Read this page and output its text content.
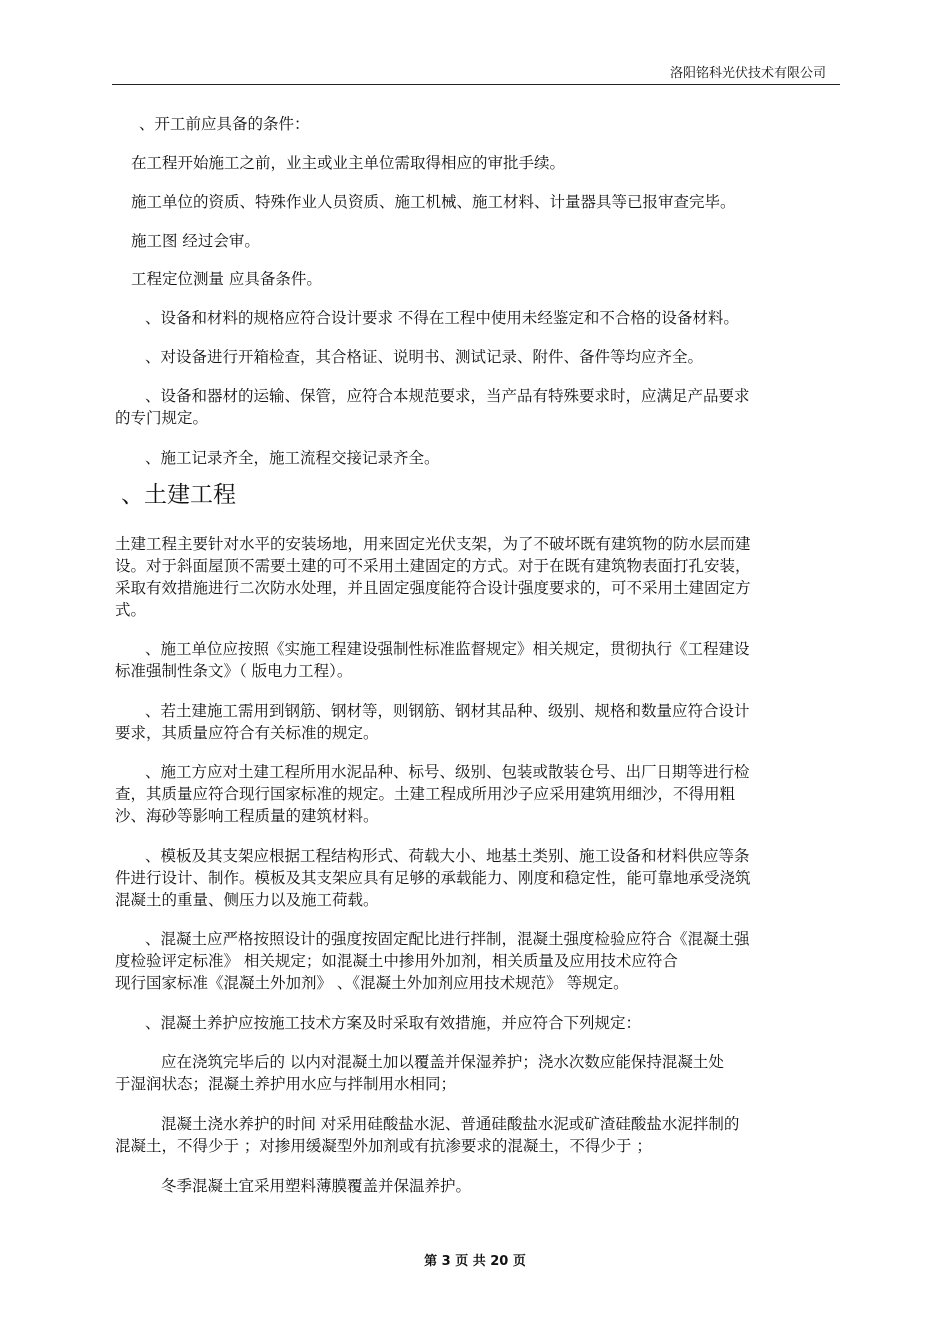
洛阳铭科光伏技术有限公司
、开工前应具备的条件：
在工程开始施工之前，业主或业主单位需取得相应的审批手续。
施工单位的资质、特殊作业人员资质、施工机械、施工材料、计量器具等已报审查完毕。
施工图 经过会审。
工程定位测量 应具备条件。
、设备和材料的规格应符合设计要求 不得在工程中使用未经鉴定和不合格的设备材料。
、对设备进行开箱检查，其合格证、说明书、测试记录、附件、备件等均应齐全。
、设备和器材的运输、保管，应符合本规范要求，当产品有特殊要求时，应满足产品要求
的专门规定。
、施工记录齐全，施工流程交接记录齐全。
、土建工程
土建工程主要针对水平的安装场地，用来固定光伏支架，为了不破坏既有建筑物的防水层而建
设。对于斜面屋顶不需要土建的可不采用土建固定的方式。对于在既有建筑物表面打孔安装，
采取有效措施进行二次防水处理，并且固定强度能符合设计强度要求的，可不采用土建固定方
式。
、施工单位应按照《实施工程建设强制性标准监督规定》相关规定，贯彻执行《工程建设
标准强制性条文》（ 版电力工程）。
、若土建施工需用到钢筋、钢材等，则钢筋、钢材其品种、级别、规格和数量应符合设计
要求，其质量应符合有关标准的规定。
、施工方应对土建工程所用水泥品种、标号、级别、包装或散装仓号、出厂日期等进行检
查，其质量应符合现行国家标准的规定。土建工程成所用沙子应采用建筑用细沙，不得用粗
沙、海砂等影响工程质量的建筑材料。
、模板及其支架应根据工程结构形式、荷载大小、地基土类别、施工设备和材料供应等条
件进行设计、制作。模板及其支架应具有足够的承载能力、刚度和稳定性，能可靠地承受浇筑
混凝土的重量、侧压力以及施工荷载。
、混凝土应严格按照设计的强度按固定配比进行拌制，混凝土强度检验应符合《混凝土强
度检验评定标准》 相关规定；如混凝土中掺用外加剂，相关质量及应用技术应符合
现行国家标准《混凝土外加剂》 、《混凝土外加剂应用技术规范》 等规定。
、混凝土养护应按施工技术方案及时采取有效措施，并应符合下列规定：
应在浇筑完毕后的 以内对混凝土加以覆盖并保湿养护；浇水次数应能保持混凝土处
于湿润状态；混凝土养护用水应与拌制用水相同；
混凝土浇水养护的时间 对采用硅酸盐水泥、普通硅酸盐水泥或矿渣硅酸盐水泥拌制的
混凝土，不得少于 ；对掺用缓凝型外加剂或有抗渗要求的混凝土，不得少于 ；
冬季混凝土宜采用塑料薄膜覆盖并保温养护。
第 3 页 共 20 页
